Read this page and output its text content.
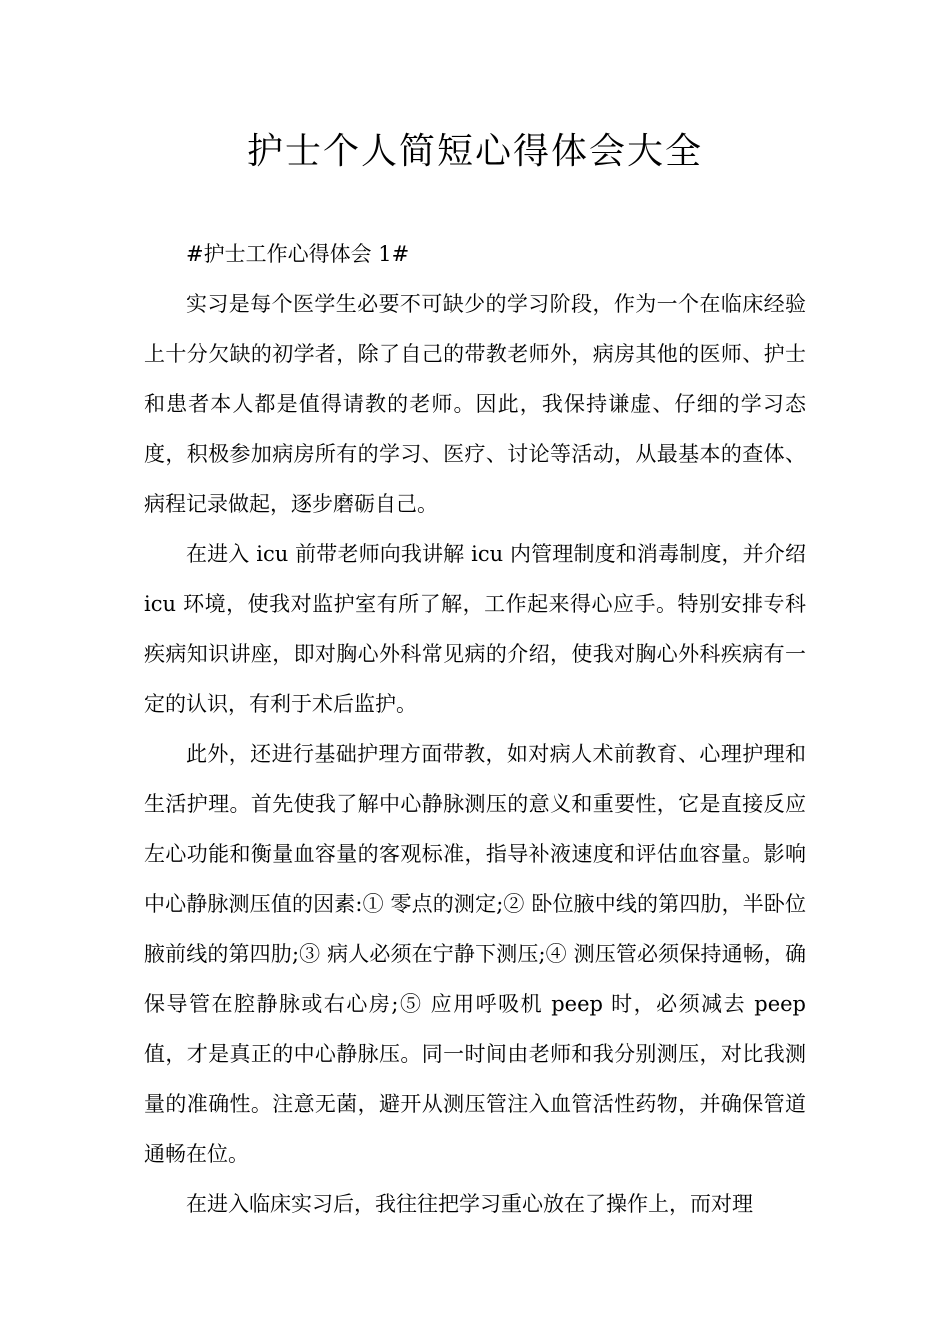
护士个人简短心得体会大全

#护士工作心得体会 1#

实习是每个医学生必要不可缺少的学习阶段，作为一个在临床经验上十分欠缺的初学者，除了自己的带教老师外，病房其他的医师、护士和患者本人都是值得请教的老师。因此，我保持谦虚、仔细的学习态度，积极参加病房所有的学习、医疗、讨论等活动，从最基本的查体、病程记录做起，逐步磨砺自己。

在进入 icu 前带老师向我讲解 icu 内管理制度和消毒制度，并介绍 icu 环境，使我对监护室有所了解，工作起来得心应手。特别安排专科疾病知识讲座，即对胸心外科常见病的介绍，使我对胸心外科疾病有一定的认识，有利于术后监护。

此外，还进行基础护理方面带教，如对病人术前教育、心理护理和生活护理。首先使我了解中心静脉测压的意义和重要性，它是直接反应左心功能和衡量血容量的客观标准，指导补液速度和评估血容量。影响中心静脉测压值的因素:① 零点的测定;② 卧位腋中线的第四肋，半卧位腋前线的第四肋;③ 病人必须在宁静下测压;④ 测压管必须保持通畅，确保导管在腔静脉或右心房;⑤ 应用呼吸机 peep 时，必须减去 peep 值，才是真正的中心静脉压。同一时间由老师和我分别测压，对比我测量的准确性。注意无菌，避开从测压管注入血管活性药物，并确保管道通畅在位。

在进入临床实习后，我往往把学习重心放在了操作上，而对理
